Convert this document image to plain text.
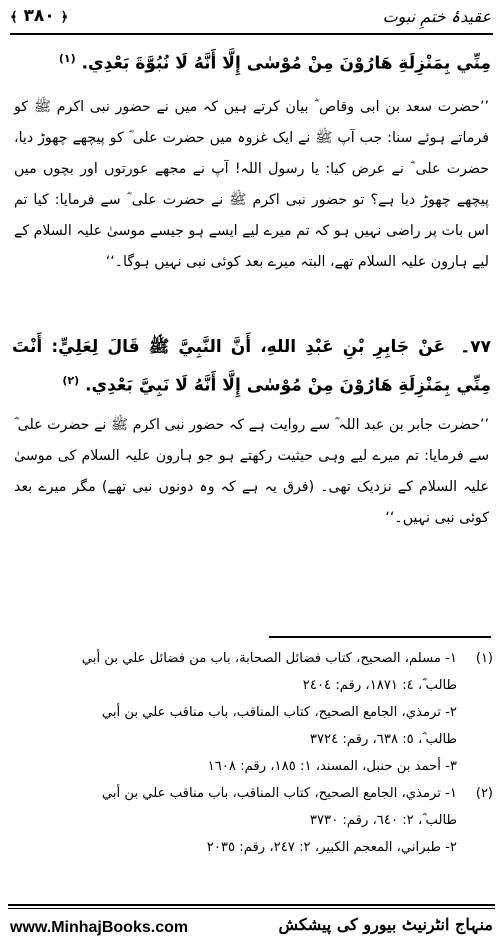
﴾ ۳۸۰ ﴿	عقیدۂ ختمِ نبوت
مِنِّي بِمَنْزِلَةِ هَارُوْنَ مِنْ مُوْسٰى إِلَّا أَنَّهُ لَا نُبُوَّةَ بَعْدِي. $^{(١)}$
’’حضرت سعد بن ابی وقاص ؓ بیان کرتے ہیں کہ میں نے حضور نبی اکرم ﷺ کو فرماتے ہوئے سنا: جب آپ ﷺ نے ایک غزوہ میں حضرت علی ؓ کو پیچھے چھوڑ دیا، حضرت علی ؓ نے عرض کیا: یا رسول اللہ! آپ نے مجھے عورتوں اور بچوں میں پیچھے چھوڑ دیا ہے؟ تو حضور نبی اکرم ﷺ نے حضرت علی ؓ سے فرمایا: کیا تم اس بات پر راضی نہیں ہو کہ تم میرے لیے ایسے ہو جیسے موسیٰ علیہ السلام کے لیے ہارون علیہ السلام تھے، البتہ میرے بعد کوئی نبی نہیں ہوگا۔‘‘
۷۷۔ عَنْ جَابِرِ بْنِ عَبْدِ اللهِ، أَنَّ النَّبِيَّ ﷺ قَالَ لِعَلِيٍّ: أَنْتَ مِنِّي بِمَنْزِلَةِ هَارُوْنَ مِنْ مُوْسٰى إِلَّا أَنَّهُ لَا نَبِيَّ بَعْدِي. $^{(٢)}$
’’حضرت جابر بن عبد اللہ ؓ سے روایت ہے کہ حضور نبی اکرم ﷺ نے حضرت علی ؓ سے فرمایا: تم میرے لیے وہی حیثیت رکھتے ہو جو ہارون علیہ السلام کی موسیٰ علیہ السلام کے نزدیک تھی۔ (فرق یہ ہے کہ وہ دونوں نبی تھے) مگر میرے بعد کوئی نبی نہیں۔‘‘
(١)
١- مسلم، الصحيح، كتاب فضائل الصحابة، باب من فضائل علي بن أبي
طالب ؓ، ٤: ١٨٧١، رقم: ٢٤٠٤
٢- ترمذي، الجامع الصحيح، كتاب المناقب، باب مناقب علي بن أبي
طالب ؓ، ٥: ٦٣٨، رقم: ٣٧٢٤
٣- أحمد بن حنبل، المسند، ١: ١٨٥، رقم: ١٦٠٨
(٢)
١- ترمذي، الجامع الصحيح، كتاب المناقب، باب مناقب علي بن أبي
طالب ؓ، ٢: ٦٤٠، رقم: ٣٧٣٠
٢- طبراني، المعجم الكبير، ٢: ٢٤٧، رقم: ٢٠٣٥
www.MinhajBooks.com	منہاج انٹرنیٹ بیورو کی پیشکش
